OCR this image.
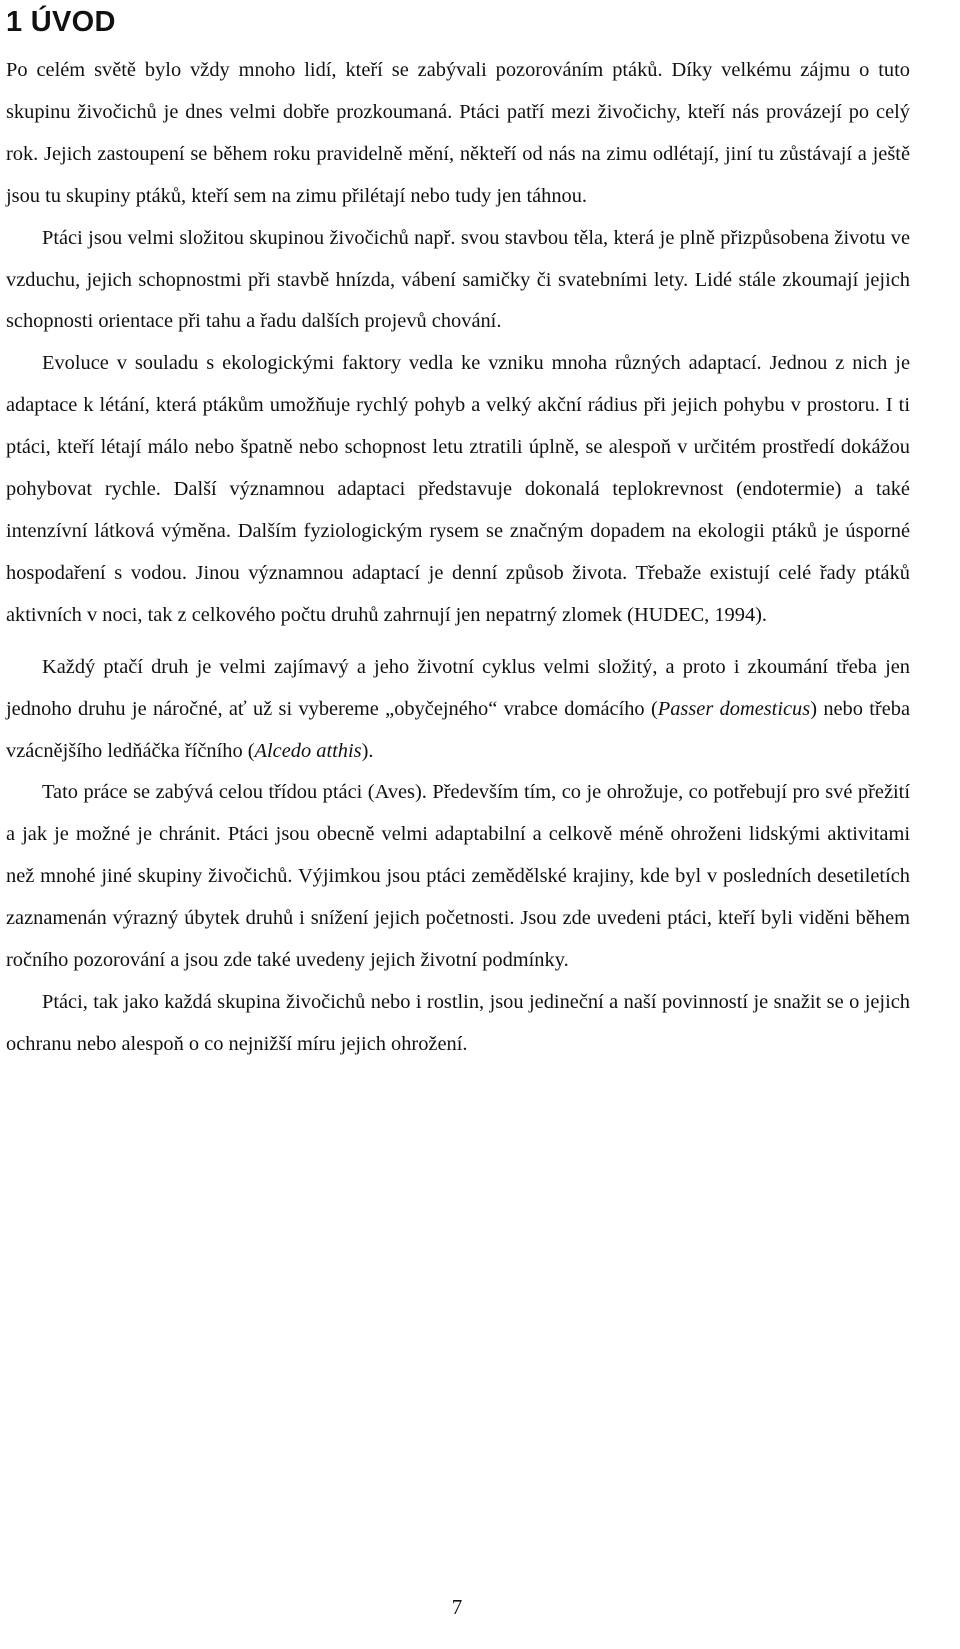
1 ÚVOD

Po celém světě bylo vždy mnoho lidí, kteří se zabývali pozorováním ptáků. Díky velkému zájmu o tuto skupinu živočichů je dnes velmi dobře prozkoumaná. Ptáci patří mezi živočichy, kteří nás provázejí po celý rok. Jejich zastoupení se během roku pravidelně mění, někteří od nás na zimu odlétají, jiní tu zůstávají a ještě jsou tu skupiny ptáků, kteří sem na zimu přilétají nebo tudy jen táhnou.

Ptáci jsou velmi složitou skupinou živočichů např. svou stavbou těla, která je plně přizpůsobena životu ve vzduchu, jejich schopnostmi při stavbě hnízda, vábení samičky či svatebními lety. Lidé stále zkoumají jejich schopnosti orientace při tahu a řadu dalších projevů chování.

Evoluce v souladu s ekologickými faktory vedla ke vzniku mnoha různých adaptací. Jednou z nich je adaptace k létání, která ptákům umožňuje rychlý pohyb a velký akční rádius při jejich pohybu v prostoru. I ti ptáci, kteří létají málo nebo špatně nebo schopnost letu ztratili úplně, se alespoň v určitém prostředí dokážou pohybovat rychle. Další významnou adaptaci představuje dokonalá teplokrevnost (endotermie) a také intenzívní látková výměna. Dalším fyziologickým rysem se značným dopadem na ekologii ptáků je úsporné hospodaření s vodou. Jinou významnou adaptací je denní způsob života. Třebaže existují celé řady ptáků aktivních v noci, tak z celkového počtu druhů zahrnují jen nepatrný zlomek (HUDEC, 1994).

Každý ptačí druh je velmi zajímavý a jeho životní cyklus velmi složitý, a proto i zkoumání třeba jen jednoho druhu je náročné, ať už si vybereme „obyčejného“ vrabce domácího (Passer domesticus) nebo třeba vzácnějšího ledňáčka říčního (Alcedo atthis).

Tato práce se zabývá celou třídou ptáci (Aves). Především tím, co je ohrožuje, co potřebují pro své přežití a jak je možné je chránit. Ptáci jsou obecně velmi adaptabilní a celkově méně ohroženi lidskými aktivitami než mnohé jiné skupiny živočichů. Výjimkou jsou ptáci zemědělské krajiny, kde byl v posledních desetiletích zaznamenán výrazný úbytek druhů i snížení jejich početnosti. Jsou zde uvedeni ptáci, kteří byli viděni během ročního pozorování a jsou zde také uvedeny jejich životní podmínky.

Ptáci, tak jako každá skupina živočichů nebo i rostlin, jsou jedineční a naší povinností je snažit se o jejich ochranu nebo alespoň o co nejnižší míru jejich ohrožení.

7
